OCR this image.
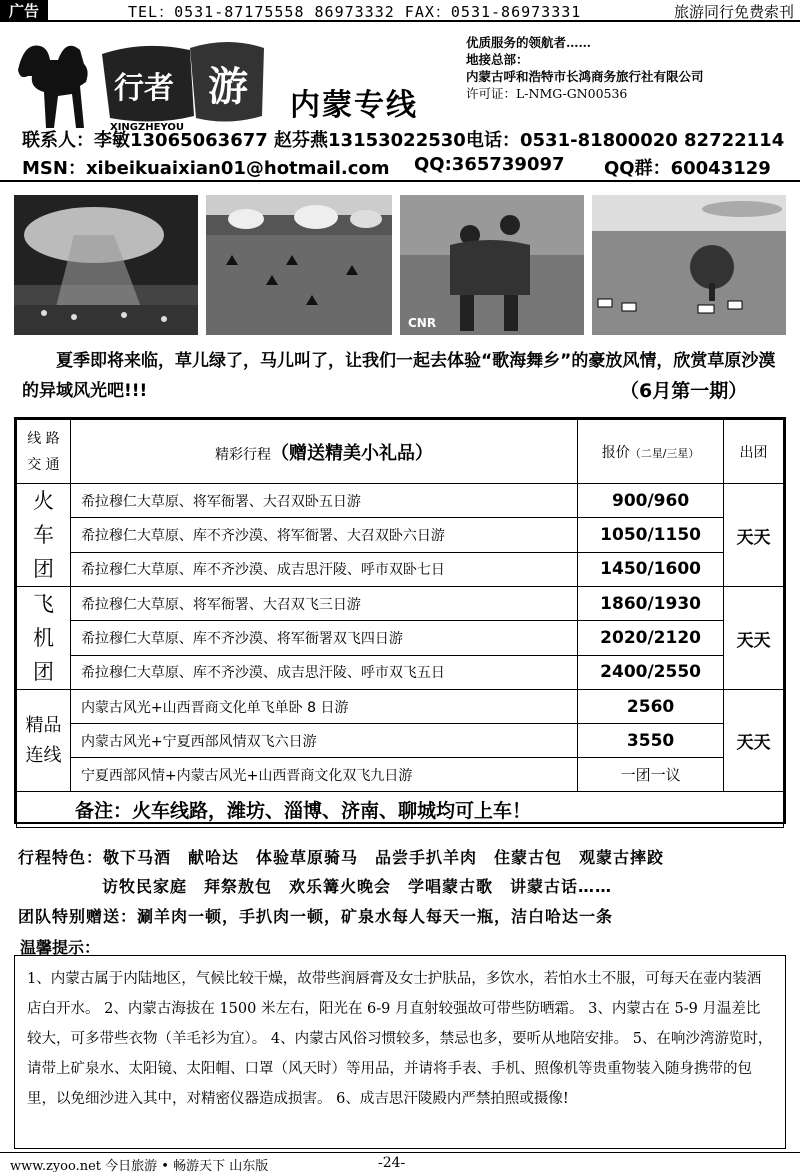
广告	TEL：0531-87175558 86973332 FAX：0531-86973331	旅游同行免费索刊
行者 游
XINGZHEYOU
内蒙专线
优质服务的领航者……
地接总部：
内蒙古呼和浩特市长鸿商务旅行社有限公司
许可证：L-NMG-GN00536
联系人：李敏13065063677 赵芬燕13153022530 电话：0531-81800020 82722114
MSN：xibeikuaixian01@hotmail.com QQ:365739097 QQ群：60043129
CNR
夏季即将来临，草儿绿了，马儿叫了，让我们一起去体验“歌海舞乡”的豪放风情，欣赏草原沙漠的异域风光吧!!!	（6月第一期）
线 路
交 通	精彩行程（赠送精美小礼品）	报价（二星/三星）	出团

火
车
团	希拉穆仁大草原、将军衙署、大召双卧五日游	900/960	天天
	希拉穆仁大草原、库不齐沙漠、将军衙署、大召双卧六日游	1050/1150	
	希拉穆仁大草原、库不齐沙漠、成吉思汗陵、呼市双卧七日	1450/1600	

飞
机
团	希拉穆仁大草原、将军衙署、大召双飞三日游	1860/1930	天天
	希拉穆仁大草原、库不齐沙漠、将军衙署双飞四日游	2020/2120	
	希拉穆仁大草原、库不齐沙漠、成吉思汗陵、呼市双飞五日	2400/2550	

精品
连线	内蒙古风光+山西晋商文化单飞单卧 8 日游	2560	天天
	内蒙古风光+宁夏西部风情双飞六日游	3550	
	宁夏西部风情+内蒙古风光+山西晋商文化双飞九日游	一团一议	
备注：火车线路，潍坊、淄博、济南、聊城均可上车！			
行程特色：敬下马酒　献哈达　体验草原骑马　品尝手扒羊肉　住蒙古包　观蒙古摔跤
访牧民家庭　拜祭敖包　欢乐篝火晚会　学唱蒙古歌　讲蒙古话……
团队特别赠送：涮羊肉一顿，手扒肉一顿，矿泉水每人每天一瓶，洁白哈达一条
温馨提示：
1、内蒙古属于内陆地区，气候比较干燥，故带些润唇膏及女士护肤品，多饮水，若怕水土不服，可每天在壶内装酒店白开水。 2、内蒙古海拔在 1500 米左右，阳光在 6-9 月直射较强故可带些防晒霜。 3、内蒙古在 5-9 月温差比较大，可多带些衣物（羊毛衫为宜）。 4、内蒙古风俗习惯较多，禁忌也多，要听从地陪安排。 5、在响沙湾游览时，请带上矿泉水、太阳镜、太阳帽、口罩（风天时）等用品，并请将手表、手机、照像机等贵重物装入随身携带的包里，以免细沙进入其中，对精密仪器造成损害。 6、成吉思汗陵殿内严禁拍照或摄像!
www.zyoo.net 今日旅游 • 畅游天下 山东版	-24-
